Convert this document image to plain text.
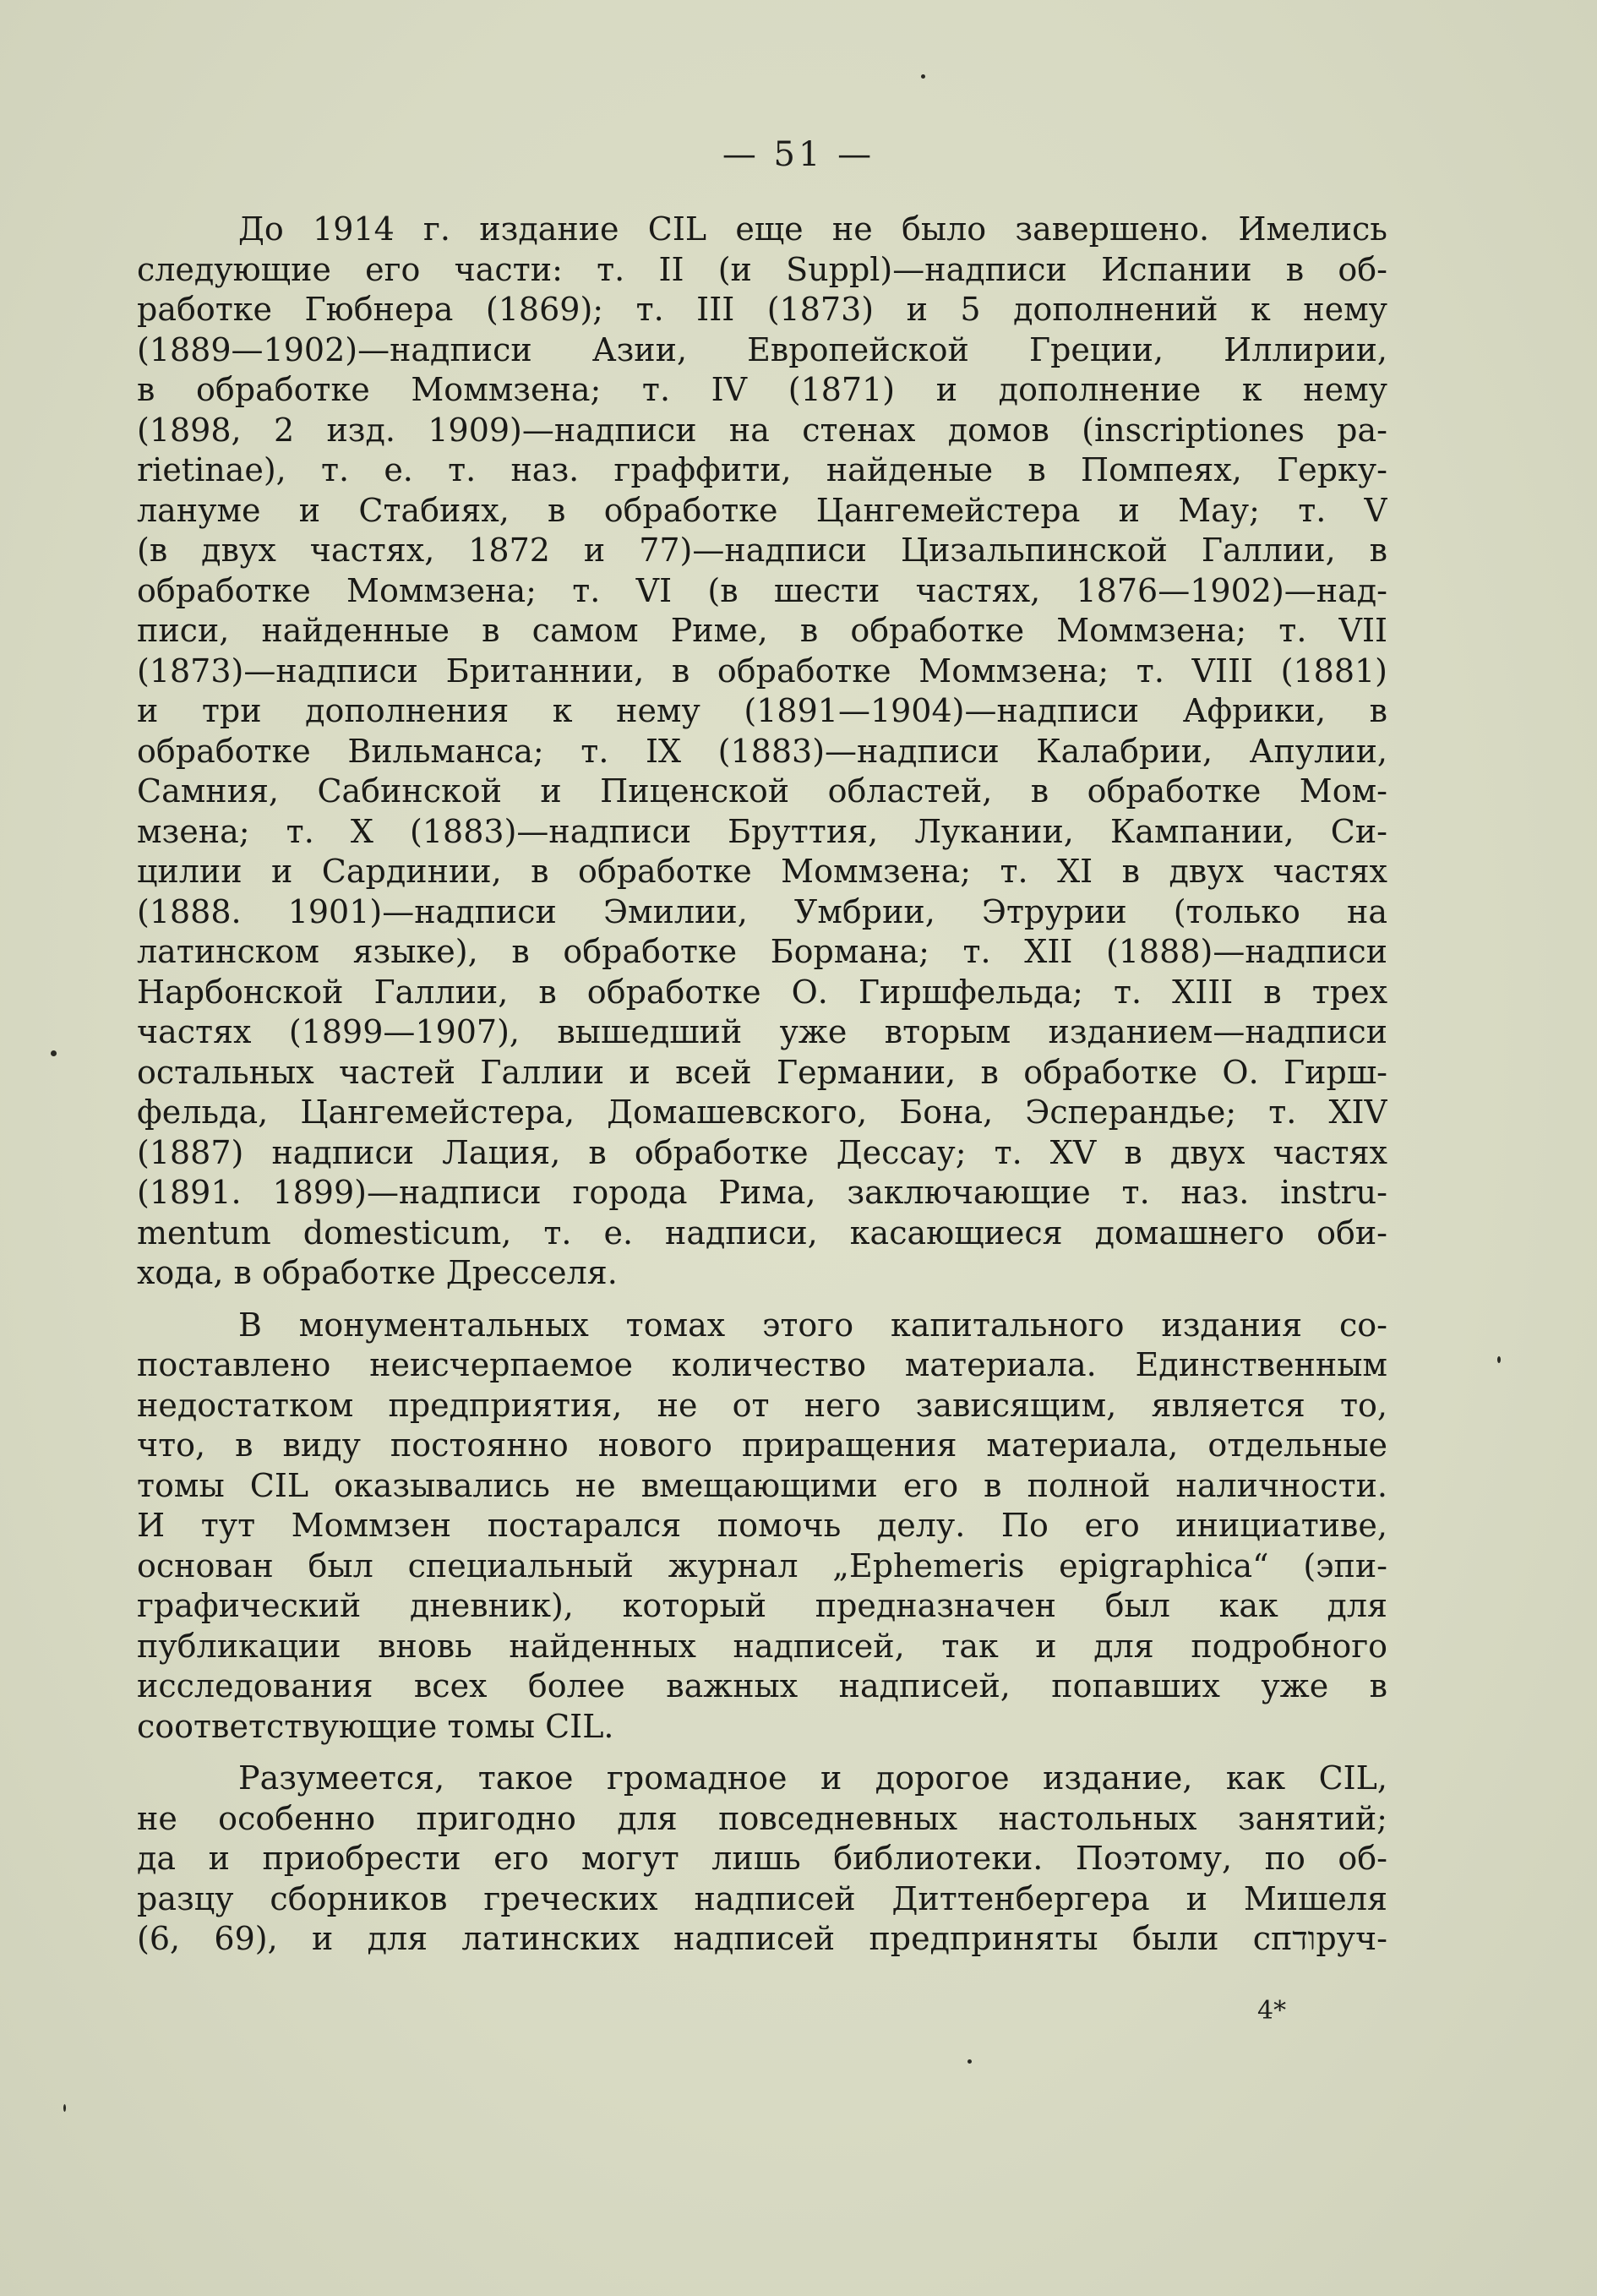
— 51 —

До 1914 г. издание CIL еще не было завершено. Имелись
следующие его части: т. II (и Suppl)—надписи Испании в об-
работке Гюбнера (1869); т. III (1873) и 5 дополнений к нему
(1889—1902)—надписи Азии, Европейской Греции, Иллирии,
в обработке Моммзена; т. IV (1871) и дополнение к нему
(1898, 2 изд. 1909)—надписи на стенах домов (inscriptiones pa-
rietinae), т. е. т. наз. граффити, найденые в Помпеях, Герку-
лануме и Стабиях, в обработке Цангемейстера и Мау; т. V
(в двух частях, 1872 и 77)—надписи Цизальпинской Галлии, в
обработке Моммзена; т. VI (в шести частях, 1876—1902)—над-
писи, найденные в самом Риме, в обработке Моммзена; т. VII
(1873)—надписи Британнии, в обработке Моммзена; т. VIII (1881)
и три дополнения к нему (1891—1904)—надписи Африки, в
обработке Вильманса; т. IX (1883)—надписи Калабрии, Апулии,
Самния, Сабинской и Пиценской областей, в обработке Мом-
мзена; т. X (1883)—надписи Бруттия, Лукании, Кампании, Си-
цилии и Сардинии, в обработке Моммзена; т. XI в двух частях
(1888. 1901)—надписи Эмилии, Умбрии, Этрурии (только на
латинском языке), в обработке Бормана; т. XII (1888)—надписи
Нарбонской Галлии, в обработке О. Гиршфельда; т. XIII в трех
частях (1899—1907), вышедший уже вторым изданием—надписи
остальных частей Галлии и всей Германии, в обработке О. Гирш-
фельда, Цангемейстера, Домашевского, Бона, Эсперандье; т. XIV
(1887) надписи Лация, в обработке Дессау; т. XV в двух частях
(1891. 1899)—надписи города Рима, заключающие т. наз. instru-
mentum domesticum, т. е. надписи, касающиеся домашнего оби-
хода, в обработке Дресселя.

В монументальных томах этого капитального издания со-
поставлено неисчерпаемое количество материала. Единственным
недостатком предприятия, не от него зависящим, является то,
что, в виду постоянно нового приращения материала, отдельные
томы CIL оказывались не вмещающими его в полной наличности.
И тут Моммзен постарался помочь делу. По его инициативе,
основан был специальный журнал „Ephemeris epigraphica“ (эпи-
графический дневник), который предназначен был как для
публикации вновь найденных надписей, так и для подробного
исследования всех более важных надписей, попавших уже в
соответствующие томы CIL.

Разумеется, такое громадное и дорогое издание, как CIL,
не особенно пригодно для повседневных настольных занятий;
да и приобрести его могут лишь библиотеки. Поэтому, по об-
разцу сборников греческих надписей Диттенбергера и Мишеля
(6, 69), и для латинских надписей предприняты были спודруч-

4*
